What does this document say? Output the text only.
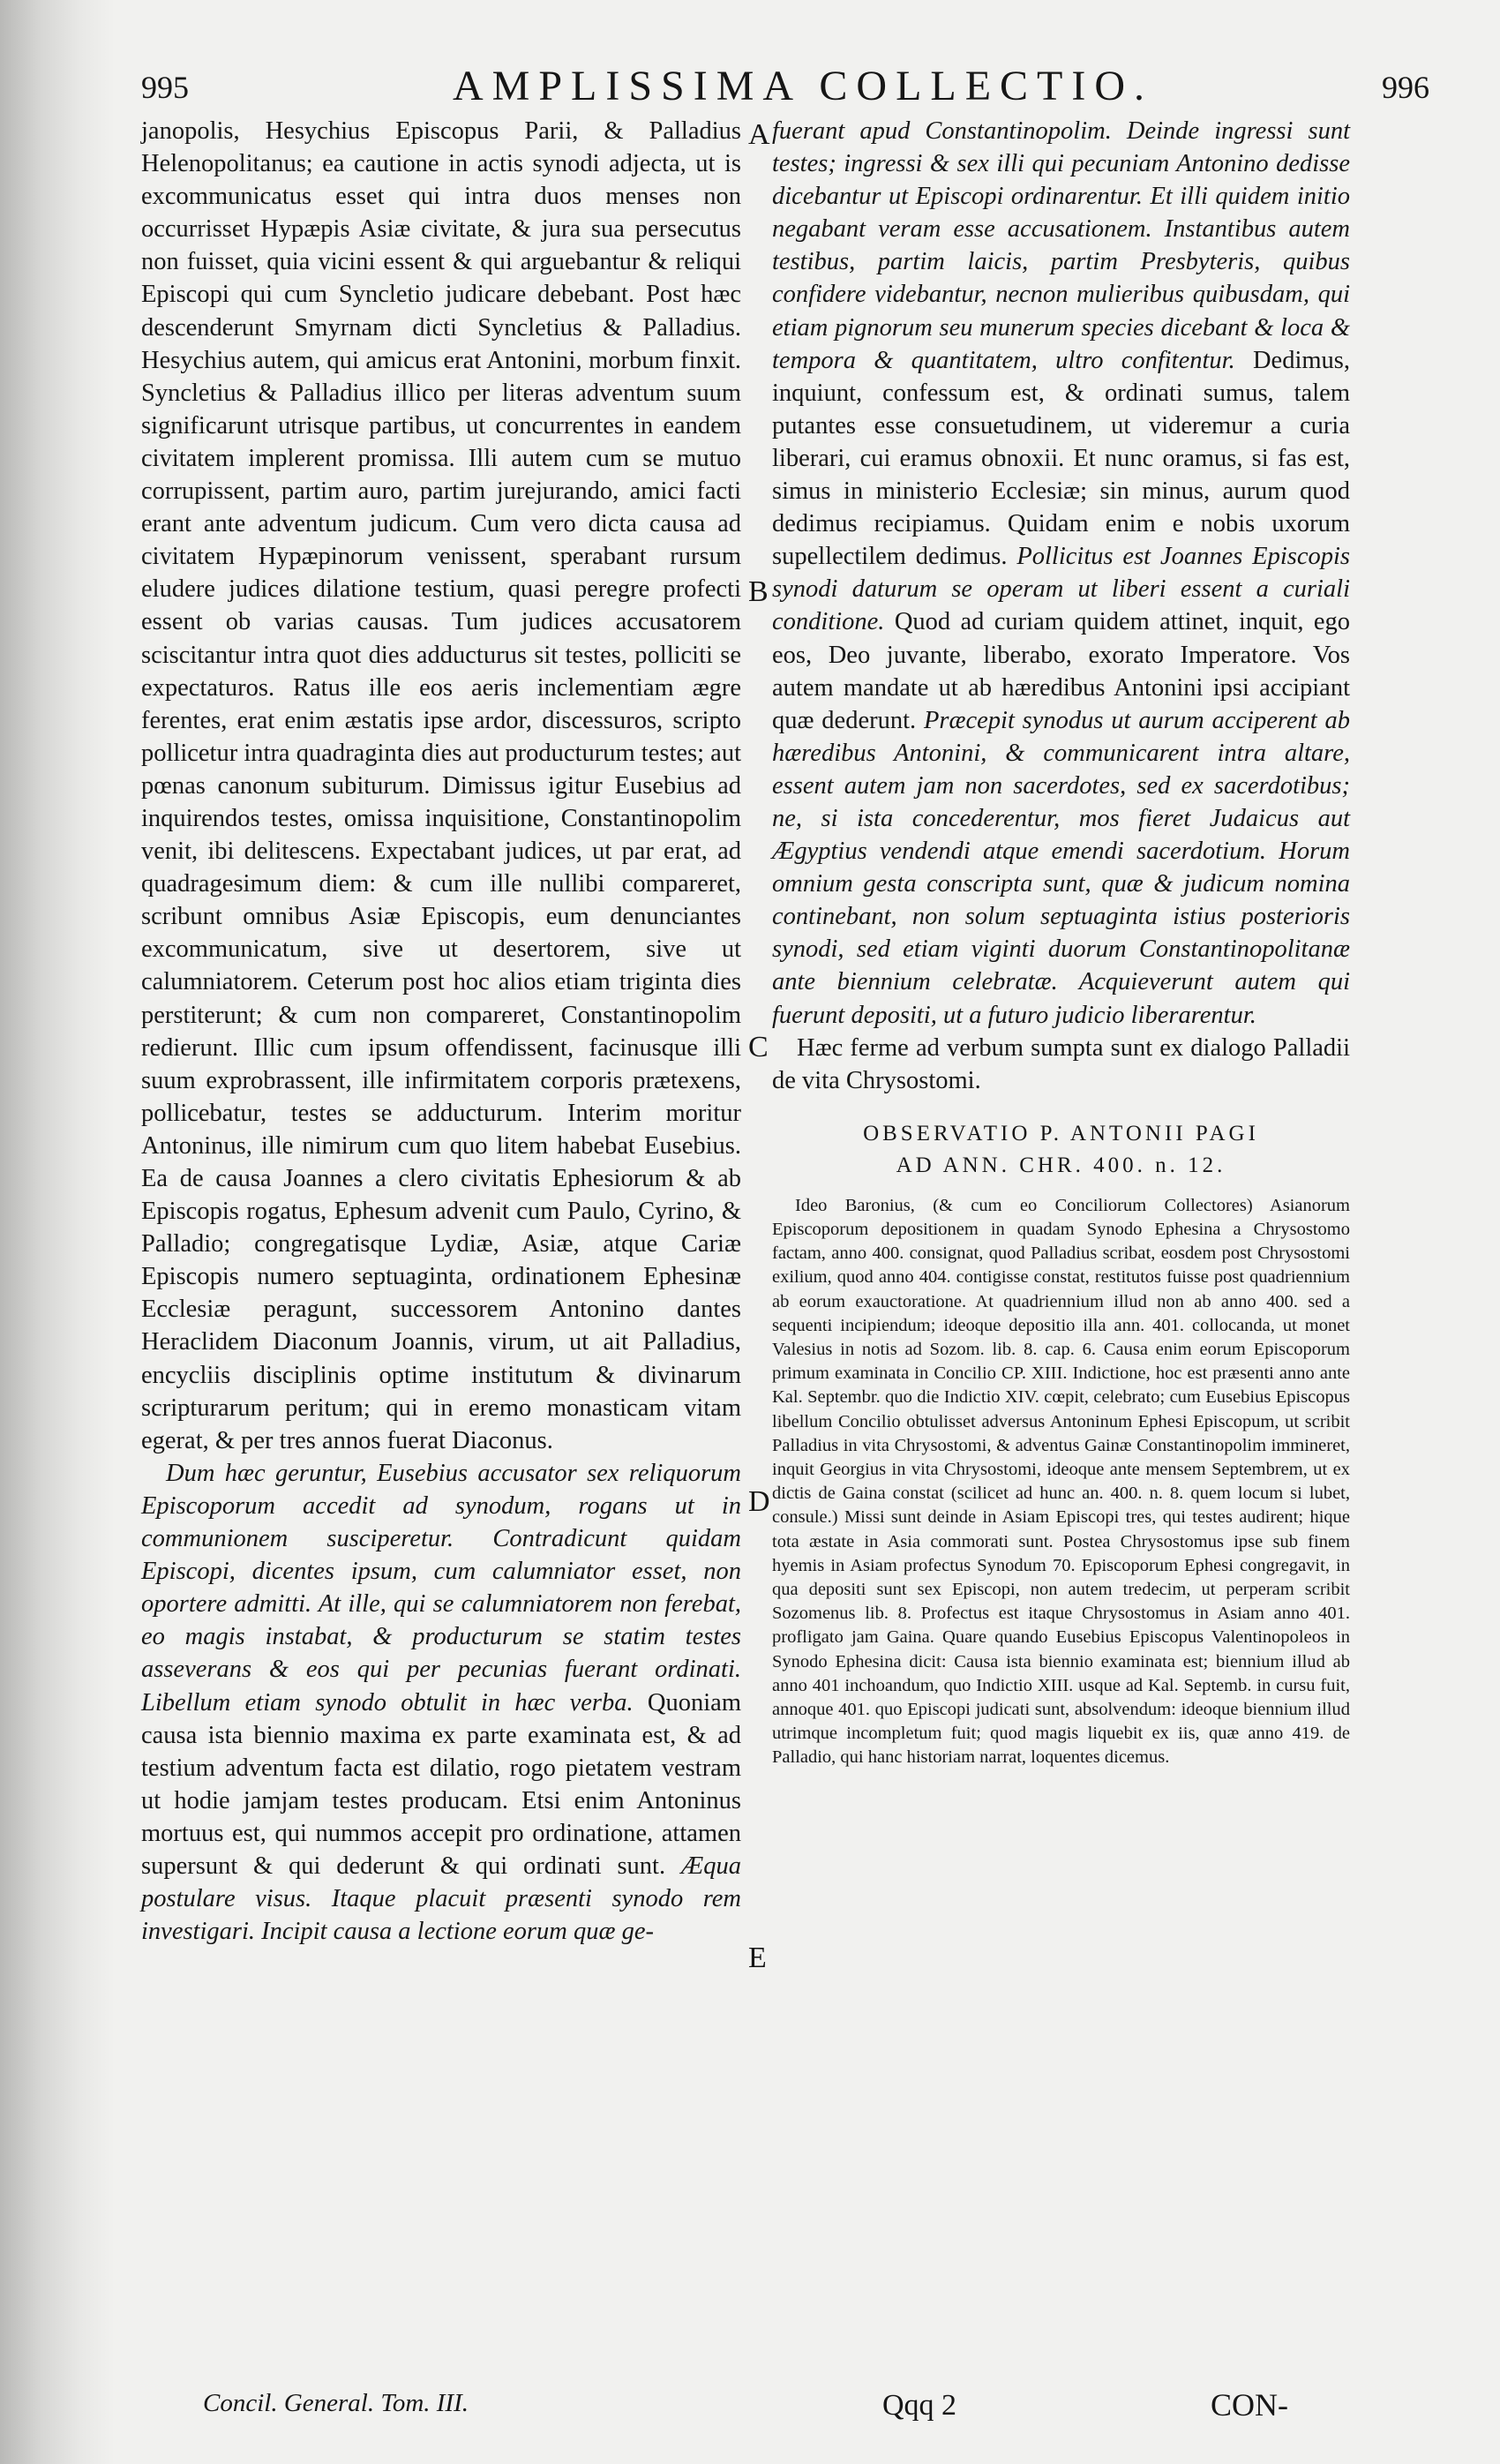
995	AMPLISSIMA COLLECTIO.	996

janopolis, Hesychius Episcopus Parii, & Palladius Helenopolitanus; ea cautione in actis synodi adjecta, ut is excommunicatus esset qui intra duos menses non occurrisset Hypæpis Asiæ civitate, & jura sua persecutus non fuisset, quia vicini essent & qui arguebantur & reliqui Episcopi qui cum Syncletio judicare debebant. Post hæc descenderunt Smyrnam dicti Syncletius & Palladius. Hesychius autem, qui amicus erat Antonini, morbum finxit. Syncletius & Palladius illico per literas adventum suum significarunt utrisque partibus, ut concurrentes in eandem civitatem implerent promissa. Illi autem cum se mutuo corrupissent, partim auro, partim jurejurando, amici facti erant ante adventum judicum. Cum vero dicta causa ad civitatem Hypæpinorum venissent, sperabant rursum eludere judices dilatione testium, quasi peregre profecti essent ob varias causas. Tum judices accusatorem sciscitantur intra quot dies adducturus sit testes, polliciti se expectaturos. Ratus ille eos aeris inclementiam ægre ferentes, erat enim æstatis ipse ardor, discessuros, scripto pollicetur intra quadraginta dies aut producturum testes; aut pœnas canonum subiturum. Dimissus igitur Eusebius ad inquirendos testes, omissa inquisitione, Constantinopolim venit, ibi delitescens. Expectabant judices, ut par erat, ad quadragesimum diem: & cum ille nullibi compareret, scribunt omnibus Asiæ Episcopis, eum denunciantes excommunicatum, sive ut desertorem, sive ut calumniatorem. Ceterum post hoc alios etiam triginta dies perstiterunt; & cum non compareret, Constantinopolim redierunt. Illic cum ipsum offendissent, facinusque illi suum exprobrassent, ille infirmitatem corporis prætexens, pollicebatur, testes se adducturum. Interim moritur Antoninus, ille nimirum cum quo litem habebat Eusebius. Ea de causa Joannes a clero civitatis Ephesiorum & ab Episcopis rogatus, Ephesum advenit cum Paulo, Cyrino, & Palladio; congregatisque Lydiæ, Asiæ, atque Cariæ Episcopis numero septuaginta, ordinationem Ephesinæ Ecclesiæ peragunt, successorem Antonino dantes Heraclidem Diaconum Joannis, virum, ut ait Palladius, encycliis disciplinis optime institutum & divinarum scripturarum peritum; qui in eremo monasticam vitam egerat, & per tres annos fuerat Diaconus.

Dum hæc geruntur, Eusebius accusator sex reliquorum Episcoporum accedit ad synodum, rogans ut in communionem susciperetur. Contradicunt quidam Episcopi, dicentes ipsum, cum calumniator esset, non oportere admitti. At ille, qui se calumniatorem non ferebat, eo magis instabat, & producturum se statim testes asseverans & eos qui per pecunias fuerant ordinati. Libellum etiam synodo obtulit in hæc verba. Quoniam causa ista biennio maxima ex parte examinata est, & ad testium adventum facta est dilatio, rogo pietatem vestram ut hodie jamjam testes producam. Etsi enim Antoninus mortuus est, qui nummos accepit pro ordinatione, attamen supersunt & qui dederunt & qui ordinati sunt. Æqua postulare visus. Itaque placuit præsenti synodo rem investigari. Incipit causa a lectione eorum quæ ge-

A
B
C
D
E

fuerant apud Constantinopolim. Deinde ingressi sunt testes; ingressi & sex illi qui pecuniam Antonino dedisse dicebantur ut Episcopi ordinarentur. Et illi quidem initio negabant veram esse accusationem. Instantibus autem testibus, partim laicis, partim Presbyteris, quibus confidere videbantur, necnon mulieribus quibusdam, qui etiam pignorum seu munerum species dicebant & loca & tempora & quantitatem, ultro confitentur. Dedimus, inquiunt, confessum est, & ordinati sumus, talem putantes esse consuetudinem, ut videremur a curia liberari, cui eramus obnoxii. Et nunc oramus, si fas est, simus in ministerio Ecclesiæ; sin minus, aurum quod dedimus recipiamus. Quidam enim e nobis uxorum supellectilem dedimus. Pollicitus est Joannes Episcopis synodi daturum se operam ut liberi essent a curiali conditione. Quod ad curiam quidem attinet, inquit, ego eos, Deo juvante, liberabo, exorato Imperatore. Vos autem mandate ut ab hæredibus Antonini ipsi accipiant quæ dederunt. Præcepit synodus ut aurum acciperent ab hæredibus Antonini, & communicarent intra altare, essent autem jam non sacerdotes, sed ex sacerdotibus; ne, si ista concederentur, mos fieret Judaicus aut Ægyptius vendendi atque emendi sacerdotium. Horum omnium gesta conscripta sunt, quæ & judicum nomina continebant, non solum septuaginta istius posterioris synodi, sed etiam viginti duorum Constantinopolitanæ ante biennium celebratæ. Acquieverunt autem qui fuerunt depositi, ut a futuro judicio liberarentur.

Hæc ferme ad verbum sumpta sunt ex dialogo Palladii de vita Chrysostomi.

OBSERVATIO P. ANTONII PAGI
AD ANN. CHR. 400. n. 12.

Ideo Baronius, (& cum eo Conciliorum Collectores) Asianorum Episcoporum depositionem in quadam Synodo Ephesina a Chrysostomo factam, anno 400. consignat, quod Palladius scribat, eosdem post Chrysostomi exilium, quod anno 404. contigisse constat, restitutos fuisse post quadriennium ab eorum exauctoratione. At quadriennium illud non ab anno 400. sed a sequenti incipiendum; ideoque depositio illa ann. 401. collocanda, ut monet Valesius in notis ad Sozom. lib. 8. cap. 6. Causa enim eorum Episcoporum primum examinata in Concilio CP. XIII. Indictione, hoc est præsenti anno ante Kal. Septembr. quo die Indictio XIV. cœpit, celebrato; cum Eusebius Episcopus libellum Concilio obtulisset adversus Antoninum Ephesi Episcopum, ut scribit Palladius in vita Chrysostomi, & adventus Gainæ Constantinopolim immineret, inquit Georgius in vita Chrysostomi, ideoque ante mensem Septembrem, ut ex dictis de Gaina constat (scilicet ad hunc an. 400. n. 8. quem locum si lubet, consule.) Missi sunt deinde in Asiam Episcopi tres, qui testes audirent; hique tota æstate in Asia commorati sunt. Postea Chrysostomus ipse sub finem hyemis in Asiam profectus Synodum 70. Episcoporum Ephesi congregavit, in qua depositi sunt sex Episcopi, non autem tredecim, ut perperam scribit Sozomenus lib. 8. Profectus est itaque Chrysostomus in Asiam anno 401. profligato jam Gaina. Quare quando Eusebius Episcopus Valentinopoleos in Synodo Ephesina dicit: Causa ista biennio examinata est; biennium illud ab anno 401 inchoandum, quo Indictio XIII. usque ad Kal. Septemb. in cursu fuit, annoque 401. quo Episcopi judicati sunt, absolvendum: ideoque biennium illud utrimque incompletum fuit; quod magis liquebit ex iis, quæ anno 419. de Palladio, qui hanc historiam narrat, loquentes dicemus.

Concil. General. Tom. III.	Qqq 2	CON-
